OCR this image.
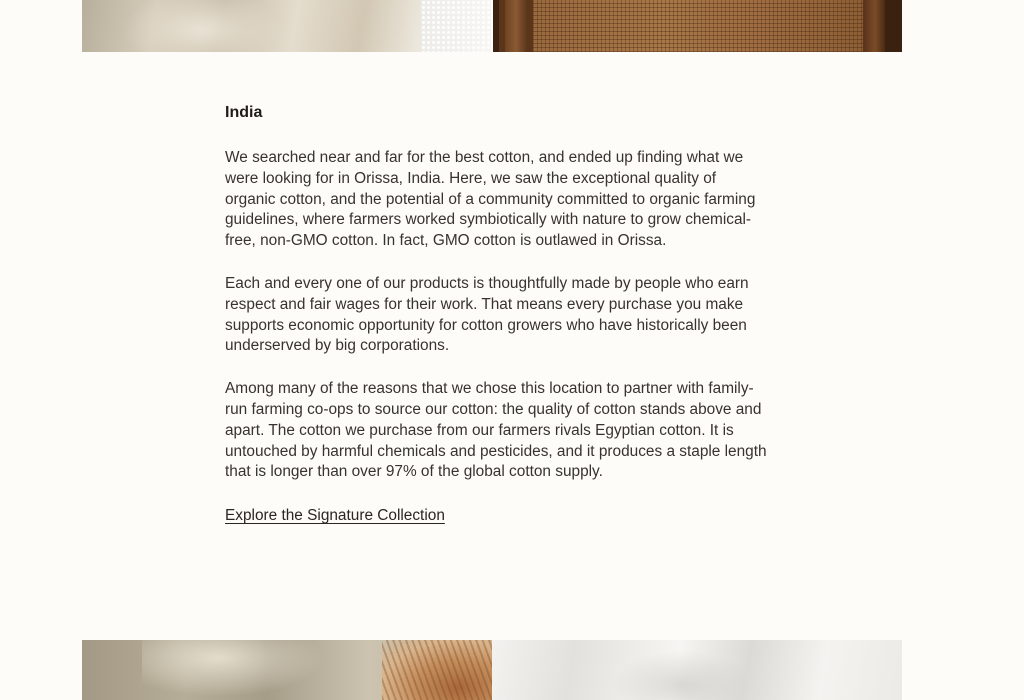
India

We searched near and far for the best cotton, and ended up finding what we were looking for in Orissa, India. Here, we saw the exceptional quality of organic cotton, and the potential of a community committed to organic farming guidelines, where farmers worked symbiotically with nature to grow chemical-free, non-GMO cotton. In fact, GMO cotton is outlawed in Orissa.

Each and every one of our products is thoughtfully made by people who earn respect and fair wages for their work. That means every purchase you make supports economic opportunity for cotton growers who have historically been underserved by big corporations.

Among many of the reasons that we chose this location to partner with family-run farming co-ops to source our cotton: the quality of cotton stands above and apart. The cotton we purchase from our farmers rivals Egyptian cotton. It is untouched by harmful chemicals and pesticides, and it produces a staple length that is longer than over 97% of the global cotton supply.

Explore the Signature Collection
